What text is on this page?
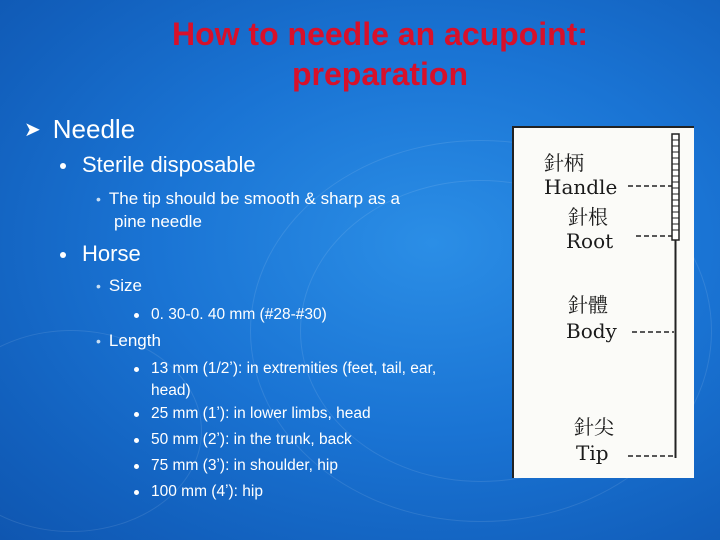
How to needle an acupoint:
preparation
➤ Needle
Sterile disposable
• The tip should be smooth & sharp as a
pine needle
Horse
• Size
0. 30-0. 40 mm (#28-#30)
• Length
13 mm (1/2ʼ): in extremities (feet, tail, ear, head)
25 mm (1ʼ): in lower limbs, head
50 mm (2ʼ): in the trunk, back
75 mm (3ʼ): in shoulder, hip
100 mm (4ʼ): hip
針柄
Handle
針根
Root
針體
Body
針尖
Tip
